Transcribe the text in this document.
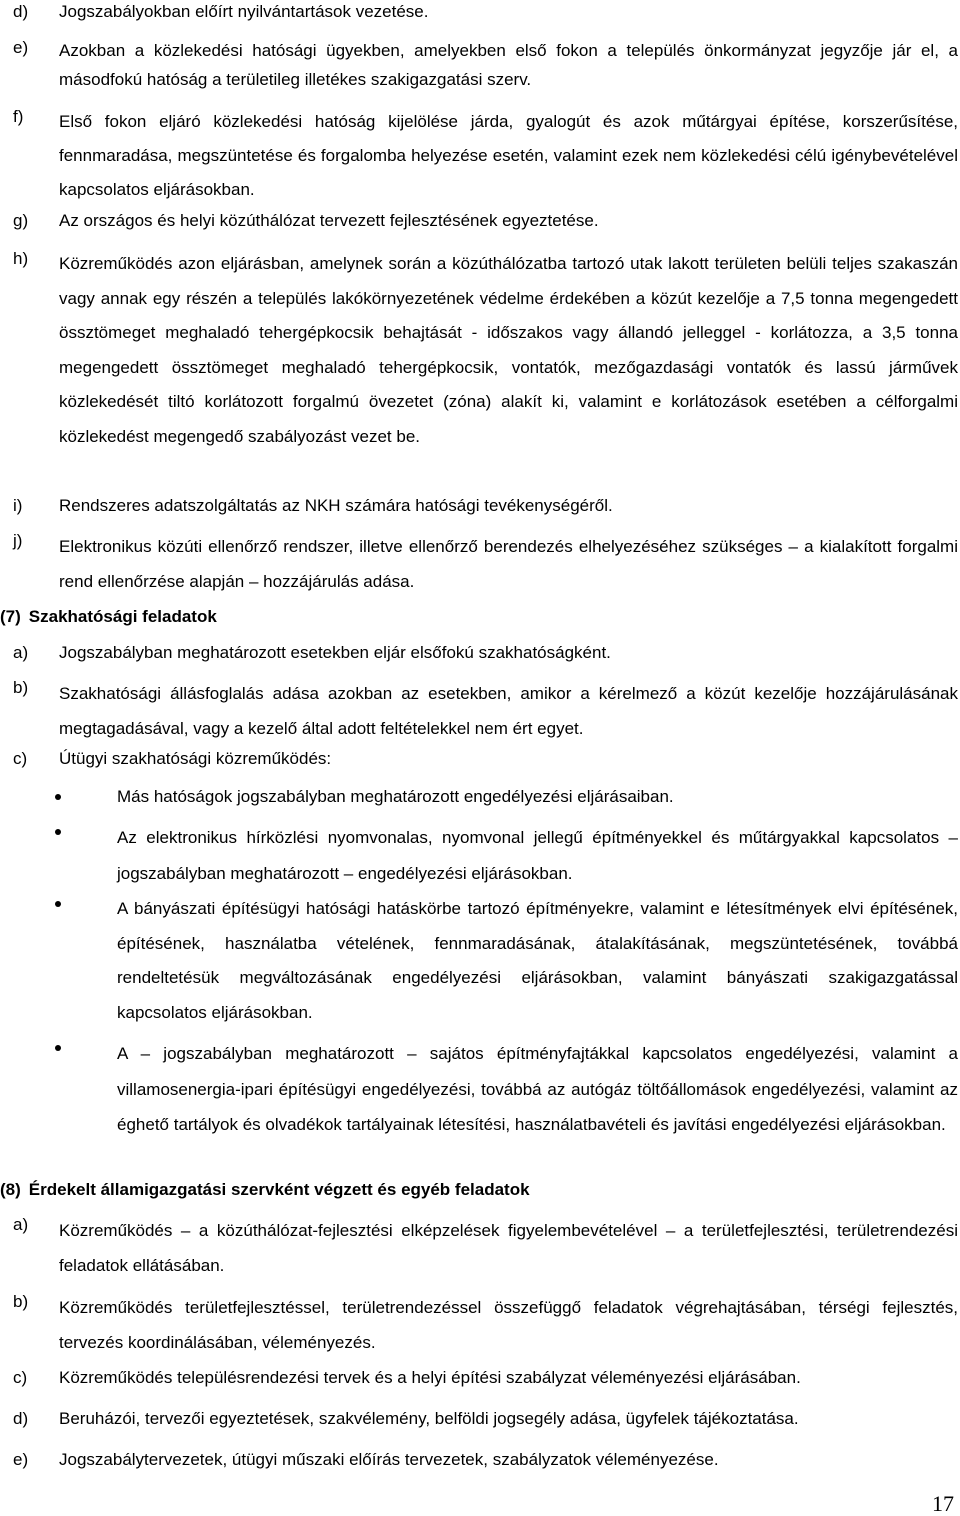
d) Jogszabályokban előírt nyilvántartások vezetése.
e) Azokban a közlekedési hatósági ügyekben, amelyekben első fokon a település önkormányzat jegyzője jár el, a másodfokú hatóság a területileg illetékes szakigazgatási szerv.
f) Első fokon eljáró közlekedési hatóság kijelölése járda, gyalogút és azok műtárgyai építése, korszerűsítése, fennmaradása, megszüntetése és forgalomba helyezése esetén, valamint ezek nem közlekedési célú igénybevételével kapcsolatos eljárásokban.
g) Az országos és helyi közúthálózat tervezett fejlesztésének egyeztetése.
h) Közreműködés azon eljárásban, amelynek során a közúthálózatba tartozó utak lakott területen belüli teljes szakaszán vagy annak egy részén a település lakókörnyezetének védelme érdekében a közút kezelője a 7,5 tonna megengedett össztömeget meghaladó tehergépkocsik behajtását - időszakos vagy állandó jelleggel - korlátozza, a 3,5 tonna megengedett össztömeget meghaladó tehergépkocsik, vontatók, mezőgazdasági vontatók és lassú járművek közlekedését tiltó korlátozott forgalmú övezetet (zóna) alakít ki, valamint e korlátozások esetében a célforgalmi közlekedést megengedő szabályozást vezet be.
i) Rendszeres adatszolgáltatás az NKH számára hatósági tevékenységéről.
j) Elektronikus közúti ellenőrző rendszer, illetve ellenőrző berendezés elhelyezéséhez szükséges – a kialakított forgalmi rend ellenőrzése alapján – hozzájárulás adása.
(7) Szakhatósági feladatok
a) Jogszabályban meghatározott esetekben eljár elsőfokú szakhatóságként.
b) Szakhatósági állásfoglalás adása azokban az esetekben, amikor a kérelmező a közút kezelője hozzájárulásának megtagadásával, vagy a kezelő által adott feltételekkel nem ért egyet.
c) Útügyi szakhatósági közreműködés:
Más hatóságok jogszabályban meghatározott engedélyezési eljárásaiban.
Az elektronikus hírközlési nyomvonalas, nyomvonal jellegű építményekkel és műtárgyakkal kapcsolatos – jogszabályban meghatározott – engedélyezési eljárásokban.
A bányászati építésügyi hatósági hatáskörbe tartozó építményekre, valamint e létesítmények elvi építésének, építésének, használatba vételének, fennmaradásának, átalakításának, megszüntetésének, továbbá rendeltetésük megváltozásának engedélyezési eljárásokban, valamint bányászati szakigazgatással kapcsolatos eljárásokban.
A – jogszabályban meghatározott – sajátos építményfajtákkal kapcsolatos engedélyezési, valamint a villamosenergia-ipari építésügyi engedélyezési, továbbá az autógáz töltőállomások engedélyezési, valamint az éghető tartályok és olvadékok tartályainak létesítési, használatbavételi és javítási engedélyezési eljárásokban.
(8) Érdekelt államigazgatási szervként végzett és egyéb feladatok
a) Közreműködés – a közúthálózat-fejlesztési elképzelések figyelembevételével – a területfejlesztési, területrendezési feladatok ellátásában.
b) Közreműködés területfejlesztéssel, területrendezéssel összefüggő feladatok végrehajtásában, térségi fejlesztés, tervezés koordinálásában, véleményezés.
c) Közreműködés településrendezési tervek és a helyi építési szabályzat véleményezési eljárásában.
d) Beruházói, tervezői egyeztetések, szakvélemény, belföldi jogsegély adása, ügyfelek tájékoztatása.
e) Jogszabálytervezetek, útügyi műszaki előírás tervezetek, szabályzatok véleményezése.
17
